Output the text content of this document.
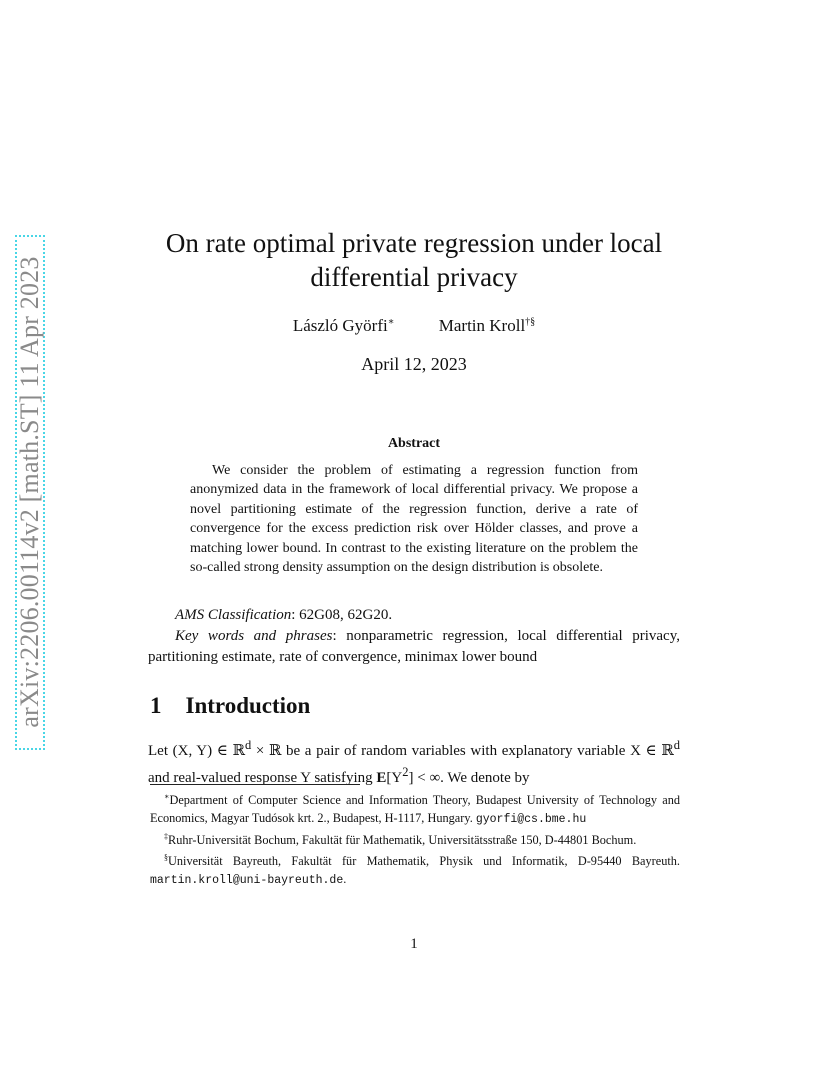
arXiv:2206.00114v2 [math.ST] 11 Apr 2023
On rate optimal private regression under local differential privacy
László Györfi∗	Martin Kroll†§
April 12, 2023
Abstract
We consider the problem of estimating a regression function from anonymized data in the framework of local differential privacy. We propose a novel partitioning estimate of the regression function, derive a rate of convergence for the excess prediction risk over Hölder classes, and prove a matching lower bound. In contrast to the existing literature on the problem the so-called strong density assumption on the design distribution is obsolete.

AMS Classification: 62G08, 62G20.

Key words and phrases: nonparametric regression, local differential privacy, partitioning estimate, rate of convergence, minimax lower bound

1 Introduction

Let (X, Y) ∈ ℝ$^d$ × ℝ be a pair of random variables with explanatory variable X ∈ ℝ$^d$ and real-valued response Y satisfying $E[Y^2]$ < ∞. We denote by

∗Department of Computer Science and Information Theory, Budapest University of Technology and Economics, Magyar Tudósok krt. 2., Budapest, H-1117, Hungary. gyorfi@cs.bme.hu

‡Ruhr-Universität Bochum, Fakultät für Mathematik, Universitätsstraße 150, D-44801 Bochum.

§Universität Bayreuth, Fakultät für Mathematik, Physik und Informatik, D-95440 Bayreuth. martin.kroll@uni-bayreuth.de.

1
